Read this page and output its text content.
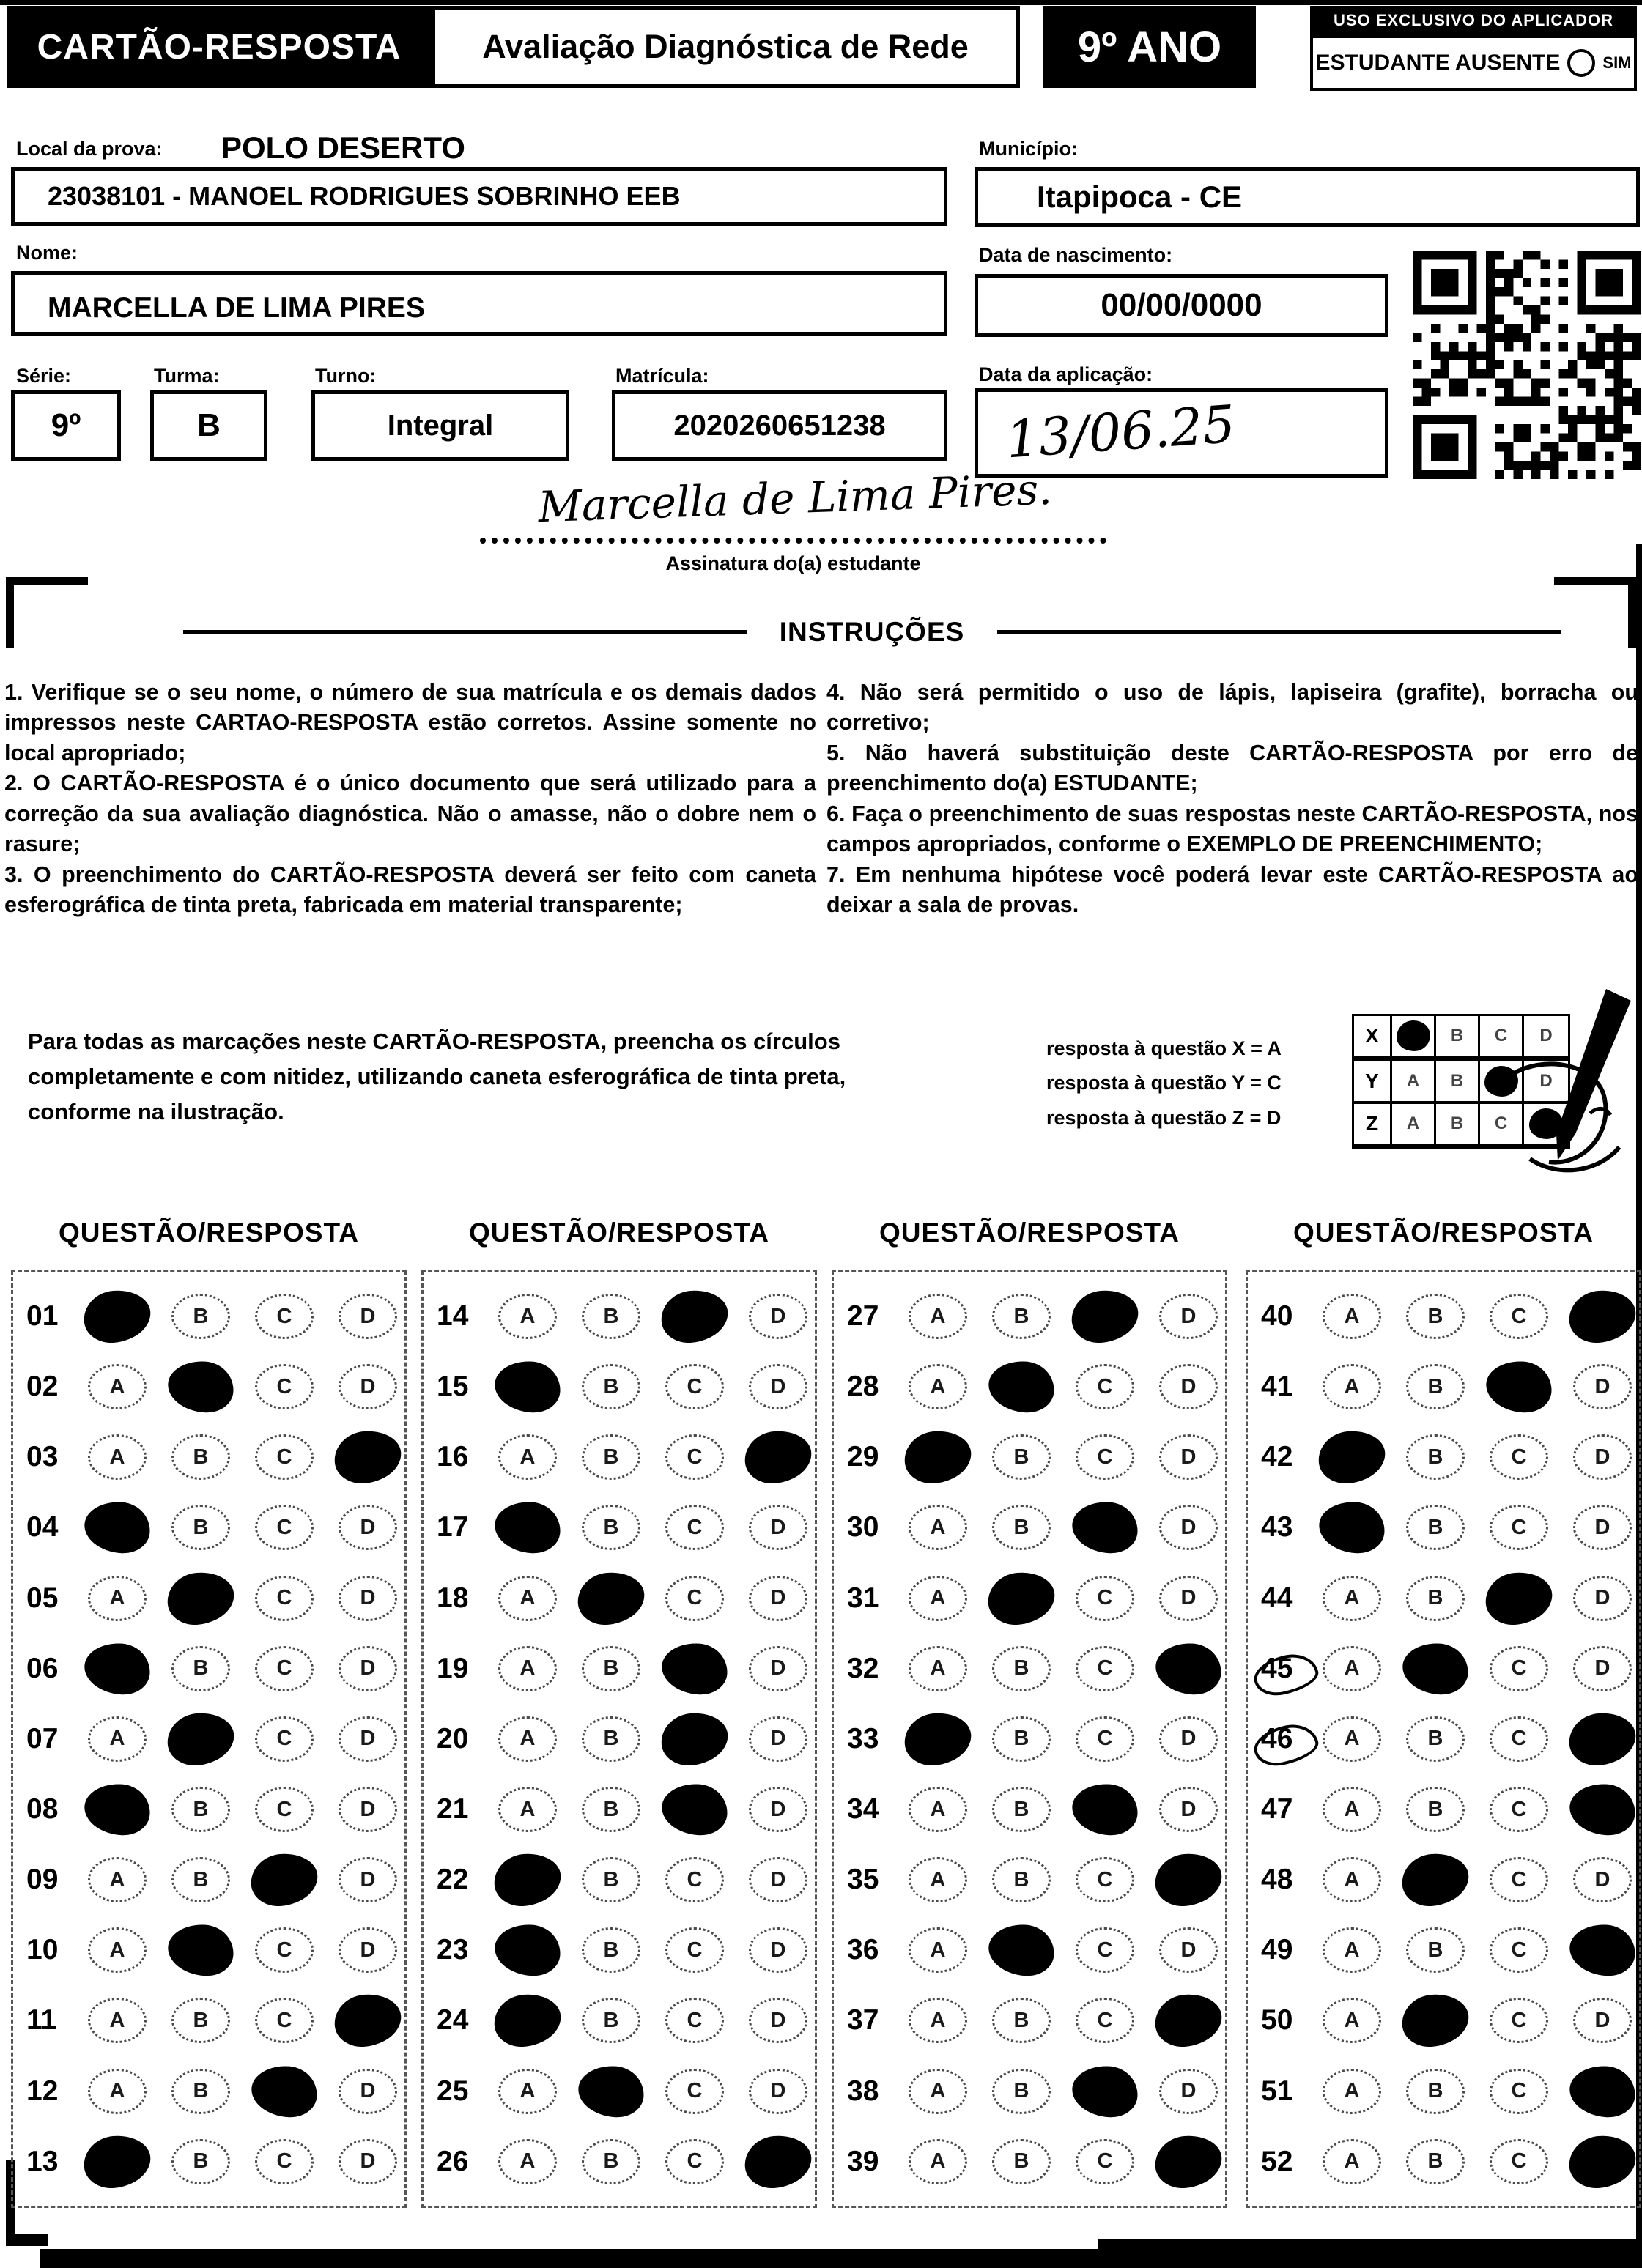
CARTÃO-RESPOSTA	Avaliação Diagnóstica de Rede	9º ANO
USO EXCLUSIVO DO APLICADOR
ESTUDANTE AUSENTE	SIM
Local da prova: POLO DESERTO
23038101 - MANOEL RODRIGUES SOBRINHO EEB
Município:
Itapipoca - CE
Nome:
MARCELLA DE LIMA PIRES
Data de nascimento:
00/00/0000
Série:
9º
Turma:
B
Turno:
Integral
Matrícula:
2020260651238
Data da aplicação:
13/06.25
Marcella de Lima Pires.
Assinatura do(a) estudante
INSTRUÇÕES

1. Verifique se o seu nome, o número de sua matrícula e os demais dados impressos neste CARTAO-RESPOSTA estão corretos. Assine somente no local apropriado;

2. O CARTÃO-RESPOSTA é o único documento que será utilizado para a correção da sua avaliação diagnóstica. Não o amasse, não o dobre nem o rasure;

3. O preenchimento do CARTÃO-RESPOSTA deverá ser feito com caneta esferográfica de tinta preta, fabricada em material transparente;

4. Não será permitido o uso de lápis, lapiseira (grafite), borracha ou corretivo;

5. Não haverá substituição deste CARTÃO-RESPOSTA por erro de preenchimento do(a) ESTUDANTE;

6. Faça o preenchimento de suas respostas neste CARTÃO-RESPOSTA, nos campos apropriados, conforme o EXEMPLO DE PREENCHIMENTO;

7. Em nenhuma hipótese você poderá levar este CARTÃO-RESPOSTA ao deixar a sala de provas.

Para todas as marcações neste CARTÃO-RESPOSTA, preencha os círculos completamente e com nitidez, utilizando caneta esferográfica de tinta preta, conforme na ilustração.

resposta à questão X = A

resposta à questão Y = C

resposta à questão Z = D

X	B	C	D
Y	A	B	D
Z	A	B	C
QUESTÃO/RESPOSTA
01	B	C	D
02	A	C	D
03	A	B	C
04	B	C	D
05	A	C	D
06	B	C	D
07	A	C	D
08	B	C	D
09	A	B	D
10	A	C	D
11	A	B	C
12	A	B	D
13	B	C	D
QUESTÃO/RESPOSTA
14	A	B	D
15	B	C	D
16	A	B	C
17	B	C	D
18	A	C	D
19	A	B	D
20	A	B	D
21	A	B	D
22	B	C	D
23	B	C	D
24	B	C	D
25	A	C	D
26	A	B	C
QUESTÃO/RESPOSTA
27	A	B	D
28	A	C	D
29	B	C	D
30	A	B	D
31	A	C	D
32	A	B	C
33	B	C	D
34	A	B	D
35	A	B	C
36	A	C	D
37	A	B	C
38	A	B	D
39	A	B	C
QUESTÃO/RESPOSTA
40	A	B	C
41	A	B	D
42	B	C	D
43	B	C	D
44	A	B	D
45	A	C	D
46	A	B	C
47	A	B	C
48	A	C	D
49	A	B	C
50	A	C	D
51	A	B	C
52	A	B	C
